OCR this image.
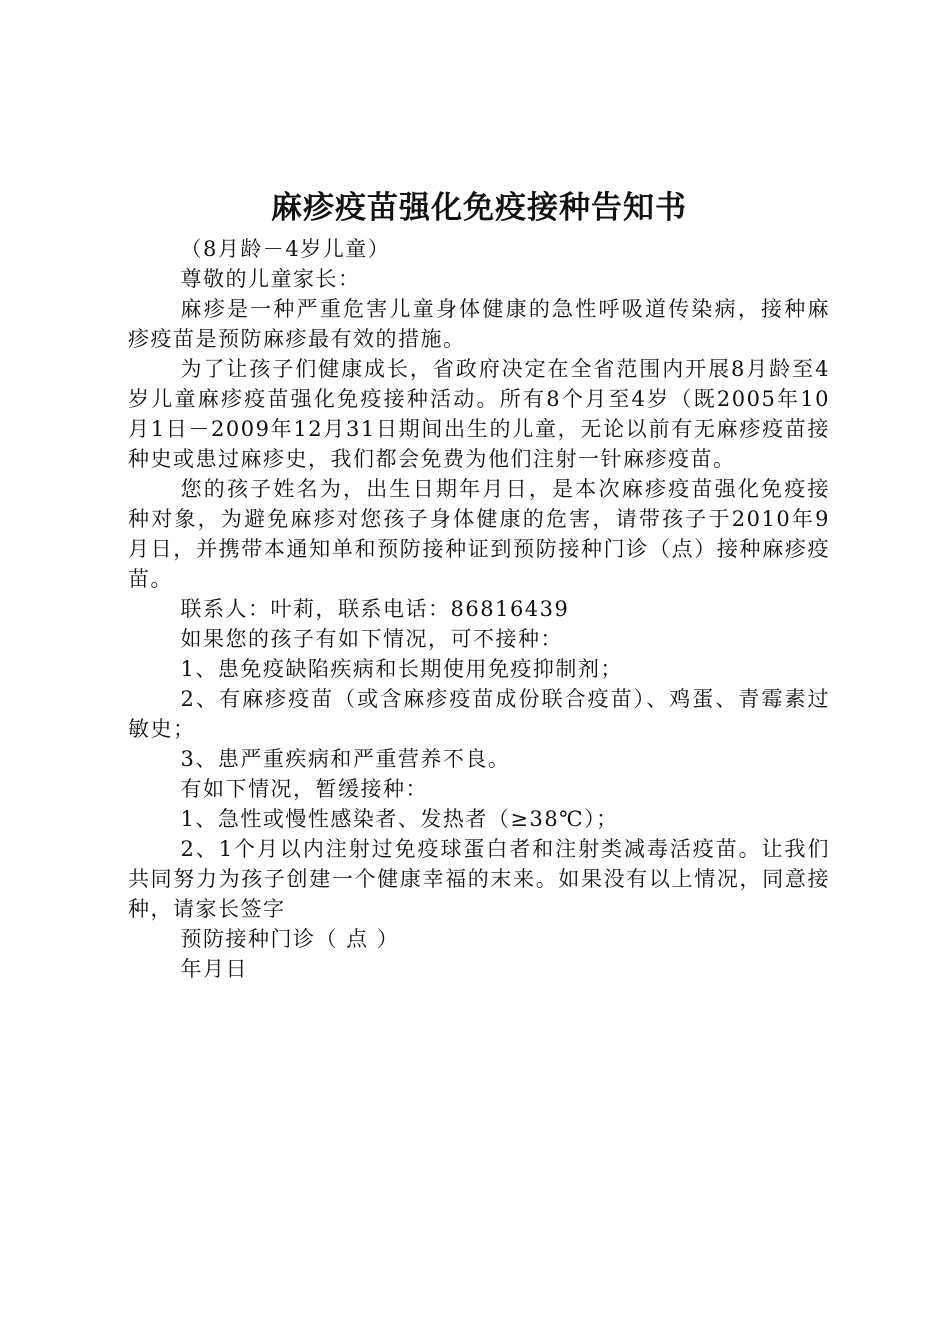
麻疹疫苗强化免疫接种告知书

（8月龄－4岁儿童）

尊敬的儿童家长：

麻疹是一种严重危害儿童身体健康的急性呼吸道传染病，接种麻疹疫苗是预防麻疹最有效的措施。

为了让孩子们健康成长，省政府决定在全省范围内开展8月龄至4岁儿童麻疹疫苗强化免疫接种活动。所有8个月至4岁（既2005年10月1日－2009年12月31日期间出生的儿童，无论以前有无麻疹疫苗接种史或患过麻疹史，我们都会免费为他们注射一针麻疹疫苗。

您的孩子姓名为，出生日期年月日，是本次麻疹疫苗强化免疫接种对象，为避免麻疹对您孩子身体健康的危害，请带孩子于2010年9月日，并携带本通知单和预防接种证到预防接种门诊（点）接种麻疹疫苗。

联系人：叶莉，联系电话：86816439

如果您的孩子有如下情况，可不接种：

1、患免疫缺陷疾病和长期使用免疫抑制剂；

2、有麻疹疫苗（或含麻疹疫苗成份联合疫苗）、鸡蛋、青霉素过敏史；

3、患严重疾病和严重营养不良。

有如下情况，暂缓接种：

1、急性或慢性感染者、发热者（≥38℃）；

2、1个月以内注射过免疫球蛋白者和注射类减毒活疫苗。让我们共同努力为孩子创建一个健康幸福的末来。如果没有以上情况，同意接种，请家长签字

预防接种门诊（ 点 ）

年月日
